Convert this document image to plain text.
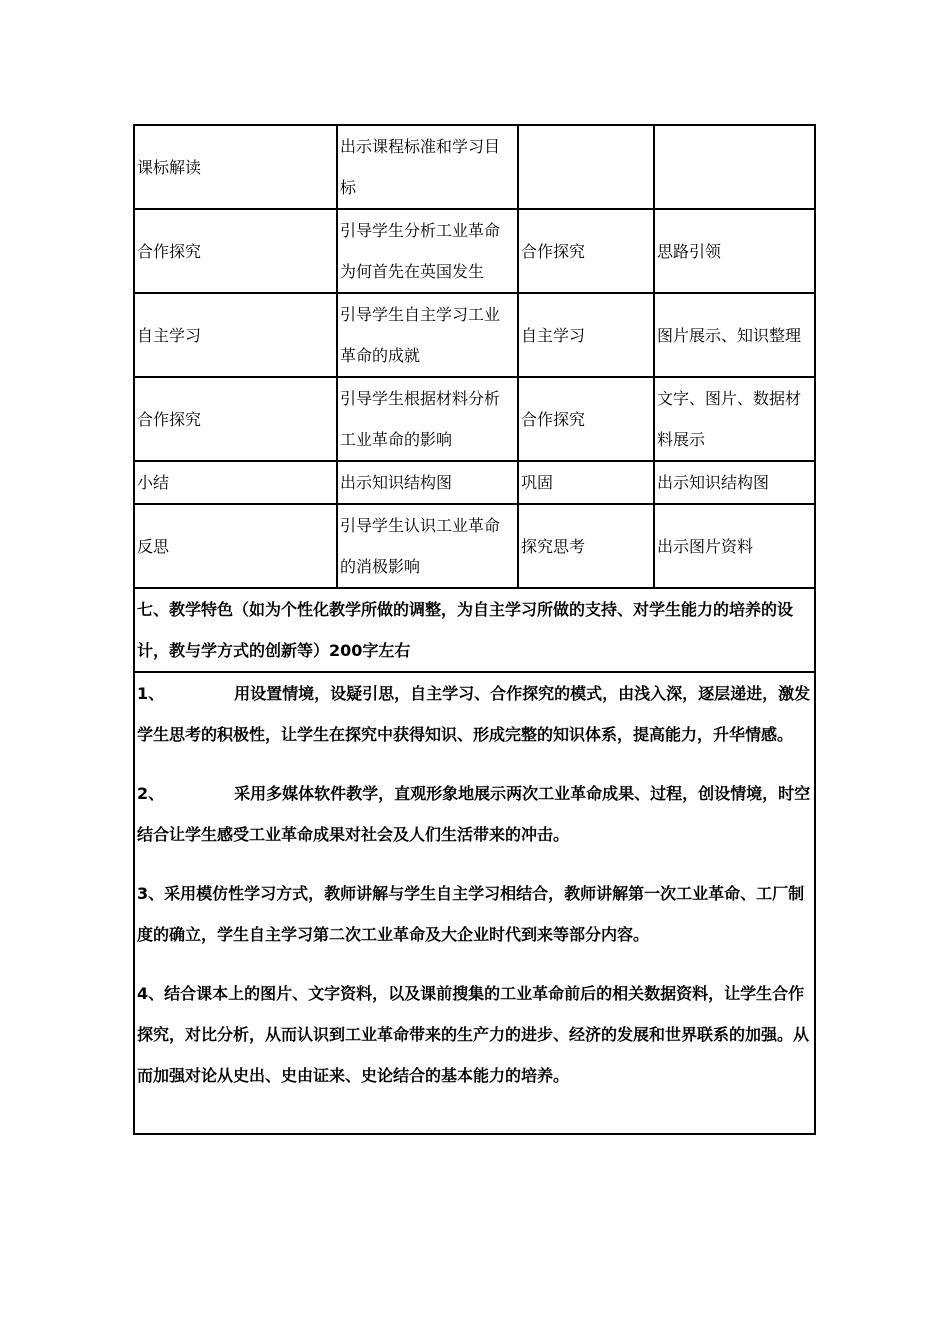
课标解读	出示课程标准和学习目标		
合作探究	引导学生分析工业革命为何首先在英国发生	合作探究	思路引领
自主学习	引导学生自主学习工业革命的成就	自主学习	图片展示、知识整理
合作探究	引导学生根据材料分析工业革命的影响	合作探究	文字、图片、数据材料展示
小结	出示知识结构图	巩固	出示知识结构图
反思	引导学生认识工业革命的消极影响	探究思考	出示图片资料
七、教学特色（如为个性化教学所做的调整，为自主学习所做的支持、对学生能力的培养的设计，教与学方式的创新等）200字左右			

1、 用设置情境，设疑引思，自主学习、合作探究的模式，由浅入深，逐层递进，激发学生思考的积极性，让学生在探究中获得知识、形成完整的知识体系，提高能力，升华情感。

2、 采用多媒体软件教学，直观形象地展示两次工业革命成果、过程，创设情境，时空结合让学生感受工业革命成果对社会及人们生活带来的冲击。

3、采用模仿性学习方式，教师讲解与学生自主学习相结合，教师讲解第一次工业革命、工厂制度的确立，学生自主学习第二次工业革命及大企业时代到来等部分内容。

4、结合课本上的图片、文字资料，以及课前搜集的工业革命前后的相关数据资料，让学生合作探究，对比分析，从而认识到工业革命带来的生产力的进步、经济的发展和世界联系的加强。从而加强对论从史出、史由证来、史论结合的基本能力的培养。			
